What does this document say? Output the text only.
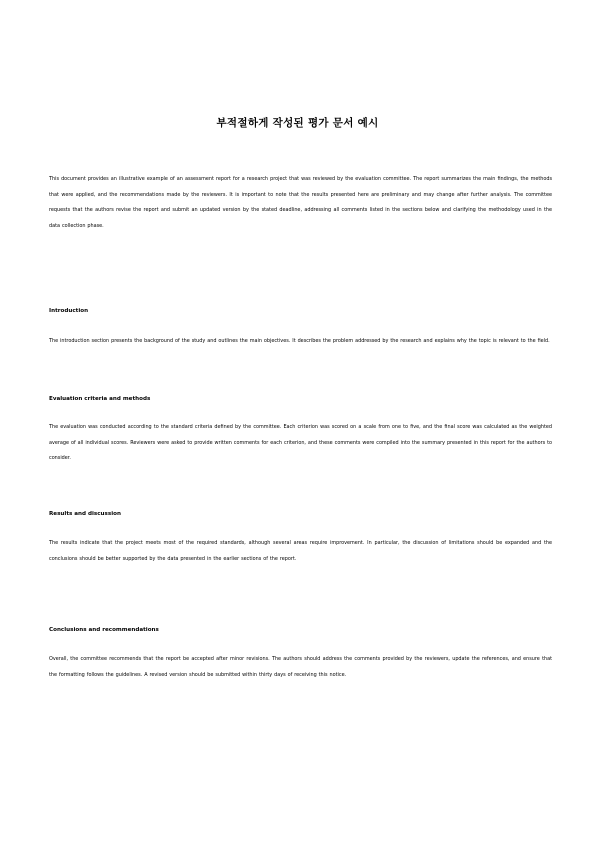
부적절하게 작성된 평가 문서 예시

This document provides an illustrative example of an assessment report for a research project that was reviewed by the evaluation committee. The report summarizes the main findings, the methods that were applied, and the recommendations made by the reviewers. It is important to note that the results presented here are preliminary and may change after further analysis. The committee requests that the authors revise the report and submit an updated version by the stated deadline, addressing all comments listed in the sections below and clarifying the methodology used in the data collection phase.

Introduction

The introduction section presents the background of the study and outlines the main objectives. It describes the problem addressed by the research and explains why the topic is relevant to the field.

Evaluation criteria and methods

The evaluation was conducted according to the standard criteria defined by the committee. Each criterion was scored on a scale from one to five, and the final score was calculated as the weighted average of all individual scores. Reviewers were asked to provide written comments for each criterion, and these comments were compiled into the summary presented in this report for the authors to consider.

Results and discussion

The results indicate that the project meets most of the required standards, although several areas require improvement. In particular, the discussion of limitations should be expanded and the conclusions should be better supported by the data presented in the earlier sections of the report.

Conclusions and recommendations

Overall, the committee recommends that the report be accepted after minor revisions. The authors should address the comments provided by the reviewers, update the references, and ensure that the formatting follows the guidelines. A revised version should be submitted within thirty days of receiving this notice.
